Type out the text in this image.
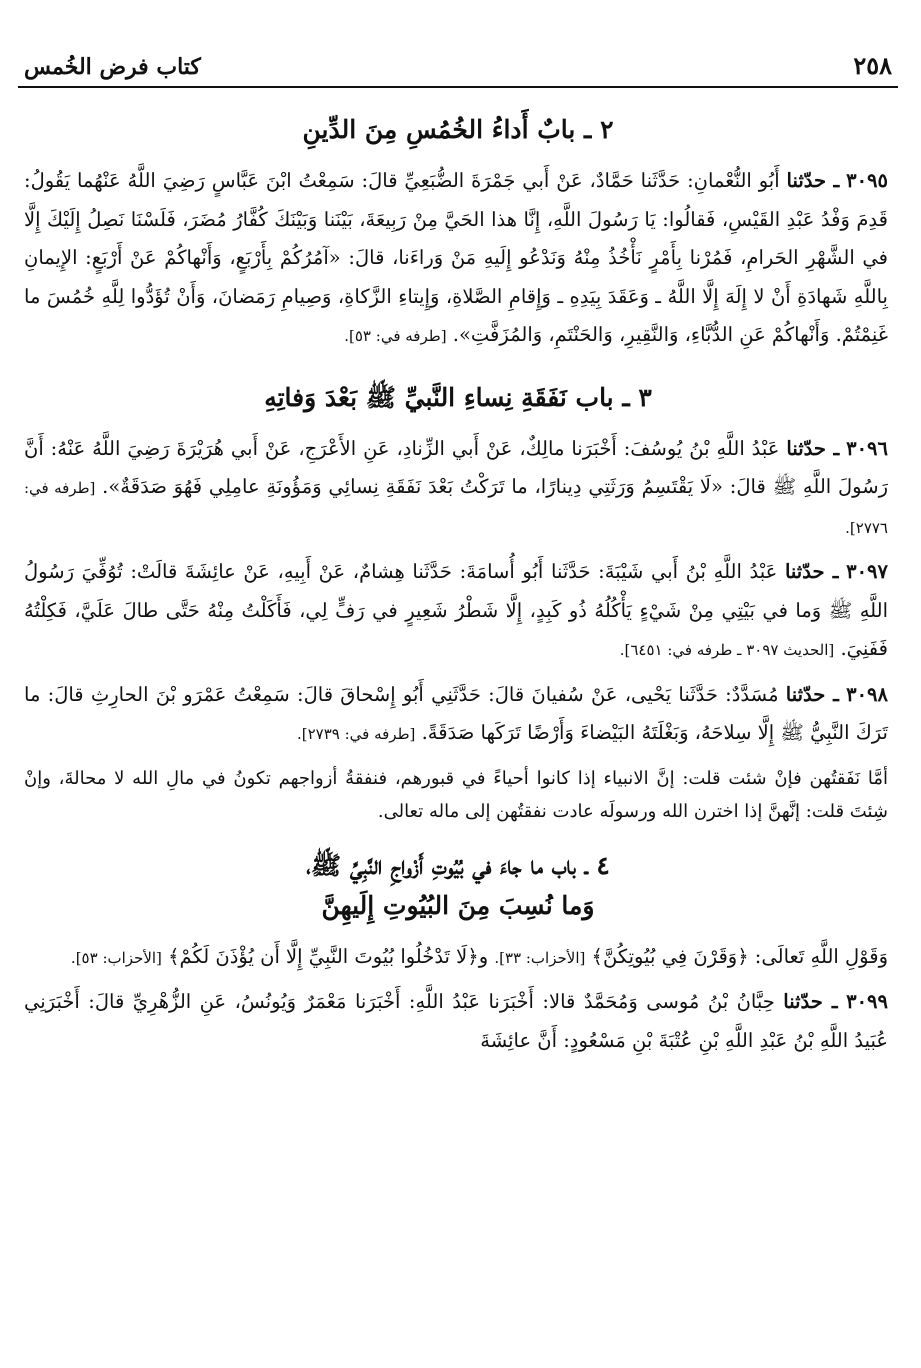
٢٥٨
كتاب فرض الخُمس
٢ ـ بابٌ أَداءُ الخُمُسِ مِنَ الدِّينِ

٣٠٩٥ ـ حدّثنا أَبُو النُّعْمانِ: حَدَّثَنا حَمَّادٌ، عَنْ أَبي جَمْرَةَ الضُّبَعِيِّ قالَ: سَمِعْتُ ابْنَ عَبَّاسٍ رَضِيَ اللَّهُ عَنْهُما يَقُولُ: قَدِمَ وَفْدُ عَبْدِ القَيْسِ، فَقالُوا: يَا رَسُولَ اللَّهِ، إِنَّا هذا الحَيَّ مِنْ رَبِيعَةَ، بَيْنَنا وَبَيْنَكَ كُفَّارُ مُضَرَ، فَلَسْنَا نَصِلُ إِلَيْكَ إِلَّا في الشَّهْرِ الحَرامِ، فَمُرْنا بِأَمْرٍ نَأْخُذُ مِنْهُ وَنَدْعُو إِلَيهِ مَنْ وَراءَنا، قالَ: «آمُرُكُمْ بِأَرْبَعٍ، وَأَنْهاكُمْ عَنْ أَرْبَعٍ: الإِيمانِ بِاللَّهِ شَهادَةِ أَنْ لا إِلَهَ إِلَّا اللَّهُ ـ وَعَقَدَ بِيَدِهِ ـ وَإِقامِ الصَّلاةِ، وَإِيتاءِ الزَّكاةِ، وَصِيامِ رَمَضانَ، وَأَنْ تُؤَدُّوا لِلَّهِ خُمُسَ ما غَنِمْتُمْ. وَأَنْهاكُمْ عَنِ الدُّبَّاءِ، وَالنَّقِيرِ، وَالحَنْتَمِ، وَالمُزَفَّتِ». [طرفه في: ٥٣].

٣ ـ باب نَفَقَةِ نِساءِ النَّبيِّ ﷺ بَعْدَ وَفاتِهِ

٣٠٩٦ ـ حدّثنا عَبْدُ اللَّهِ بْنُ يُوسُفَ: أَخْبَرَنا مالِكٌ، عَنْ أَبي الزِّنادِ، عَنِ الأَعْرَجِ، عَنْ أَبي هُرَيْرَةَ رَضِيَ اللَّهُ عَنْهُ: أَنَّ رَسُولَ اللَّهِ ﷺ قالَ: «لَا يَقْتَسِمُ وَرَثَتِي دِينارًا، ما تَرَكْتُ بَعْدَ نَفَقَةِ نِسائِي وَمَؤُونَةِ عامِلِي فَهُوَ صَدَقَةٌ». [طرفه في: ٢٧٧٦].

٣٠٩٧ ـ حدّثنا عَبْدُ اللَّهِ بْنُ أَبي شَيْبَةَ: حَدَّثَنا أَبُو أُسامَةَ: حَدَّثَنا هِشامٌ، عَنْ أَبِيهِ، عَنْ عائِشَةَ قالَتْ: تُوُفِّيَ رَسُولُ اللَّهِ ﷺ وَما في بَيْتِي مِنْ شَيْءٍ يَأْكُلُهُ ذُو كَبِدٍ، إِلَّا شَطْرُ شَعِيرٍ في رَفٍّ لِي، فَأَكَلْتُ مِنْهُ حَتَّى طالَ عَلَيَّ، فَكِلْتُهُ فَفَنِيَ. [الحديث ٣٠٩٧ ـ طرفه في: ٦٤٥١].

٣٠٩٨ ـ حدّثنا مُسَدَّدٌ: حَدَّثَنا يَحْيى، عَنْ سُفيانَ قالَ: حَدَّثَنِي أَبُو إِسْحاقَ قالَ: سَمِعْتُ عَمْرَو بْنَ الحارِثِ قالَ: ما تَرَكَ النَّبِيُّ ﷺ إِلَّا سِلاحَهُ، وَبَغْلَتَهُ البَيْضاءَ وَأَرْضًا تَرَكَها صَدَقَةً. [طرفه في: ٢٧٣٩].

أمَّا نَفَقتُهن فإنْ شئت قلت: إنَّ الانبياء إذا كانوا أحياءً في قبورهم، فنفقةُ أزواجهم تكونُ في مالِ الله لا محالةَ، وإنْ شِئتَ قلت: إنَّهنَّ إذا اخترن الله ورسولَه عادت نفقتُهن إلى ماله تعالى.

٤ ـ باب ما جاءَ في بُيُوتِ أَزْواجِ النَّبِيِّ ﷺ،
وَما نُسِبَ مِنَ البُيُوتِ إِلَيهِنَّ

وَقَوْلِ اللَّهِ تَعالَى: ﴿وَقَرْنَ فِي بُيُوتِكُنَّ﴾ [الأحزاب: ٣٣]. و﴿لَا تَدْخُلُوا بُيُوتَ النَّبِيِّ إِلَّا أَن يُؤْذَنَ لَكُمْ﴾ [الأحزاب: ٥٣].

٣٠٩٩ ـ حدّثنا حِبَّانُ بْنُ مُوسى وَمُحَمَّدٌ قالا: أَخْبَرَنا عَبْدُ اللَّهِ: أَخْبَرَنا مَعْمَرٌ وَيُونُسُ، عَنِ الزُّهْرِيِّ قالَ: أَخْبَرَنِي عُبَيدُ اللَّهِ بْنُ عَبْدِ اللَّهِ بْنِ عُتْبَةَ بْنِ مَسْعُودٍ: أَنَّ عائِشَةَ
